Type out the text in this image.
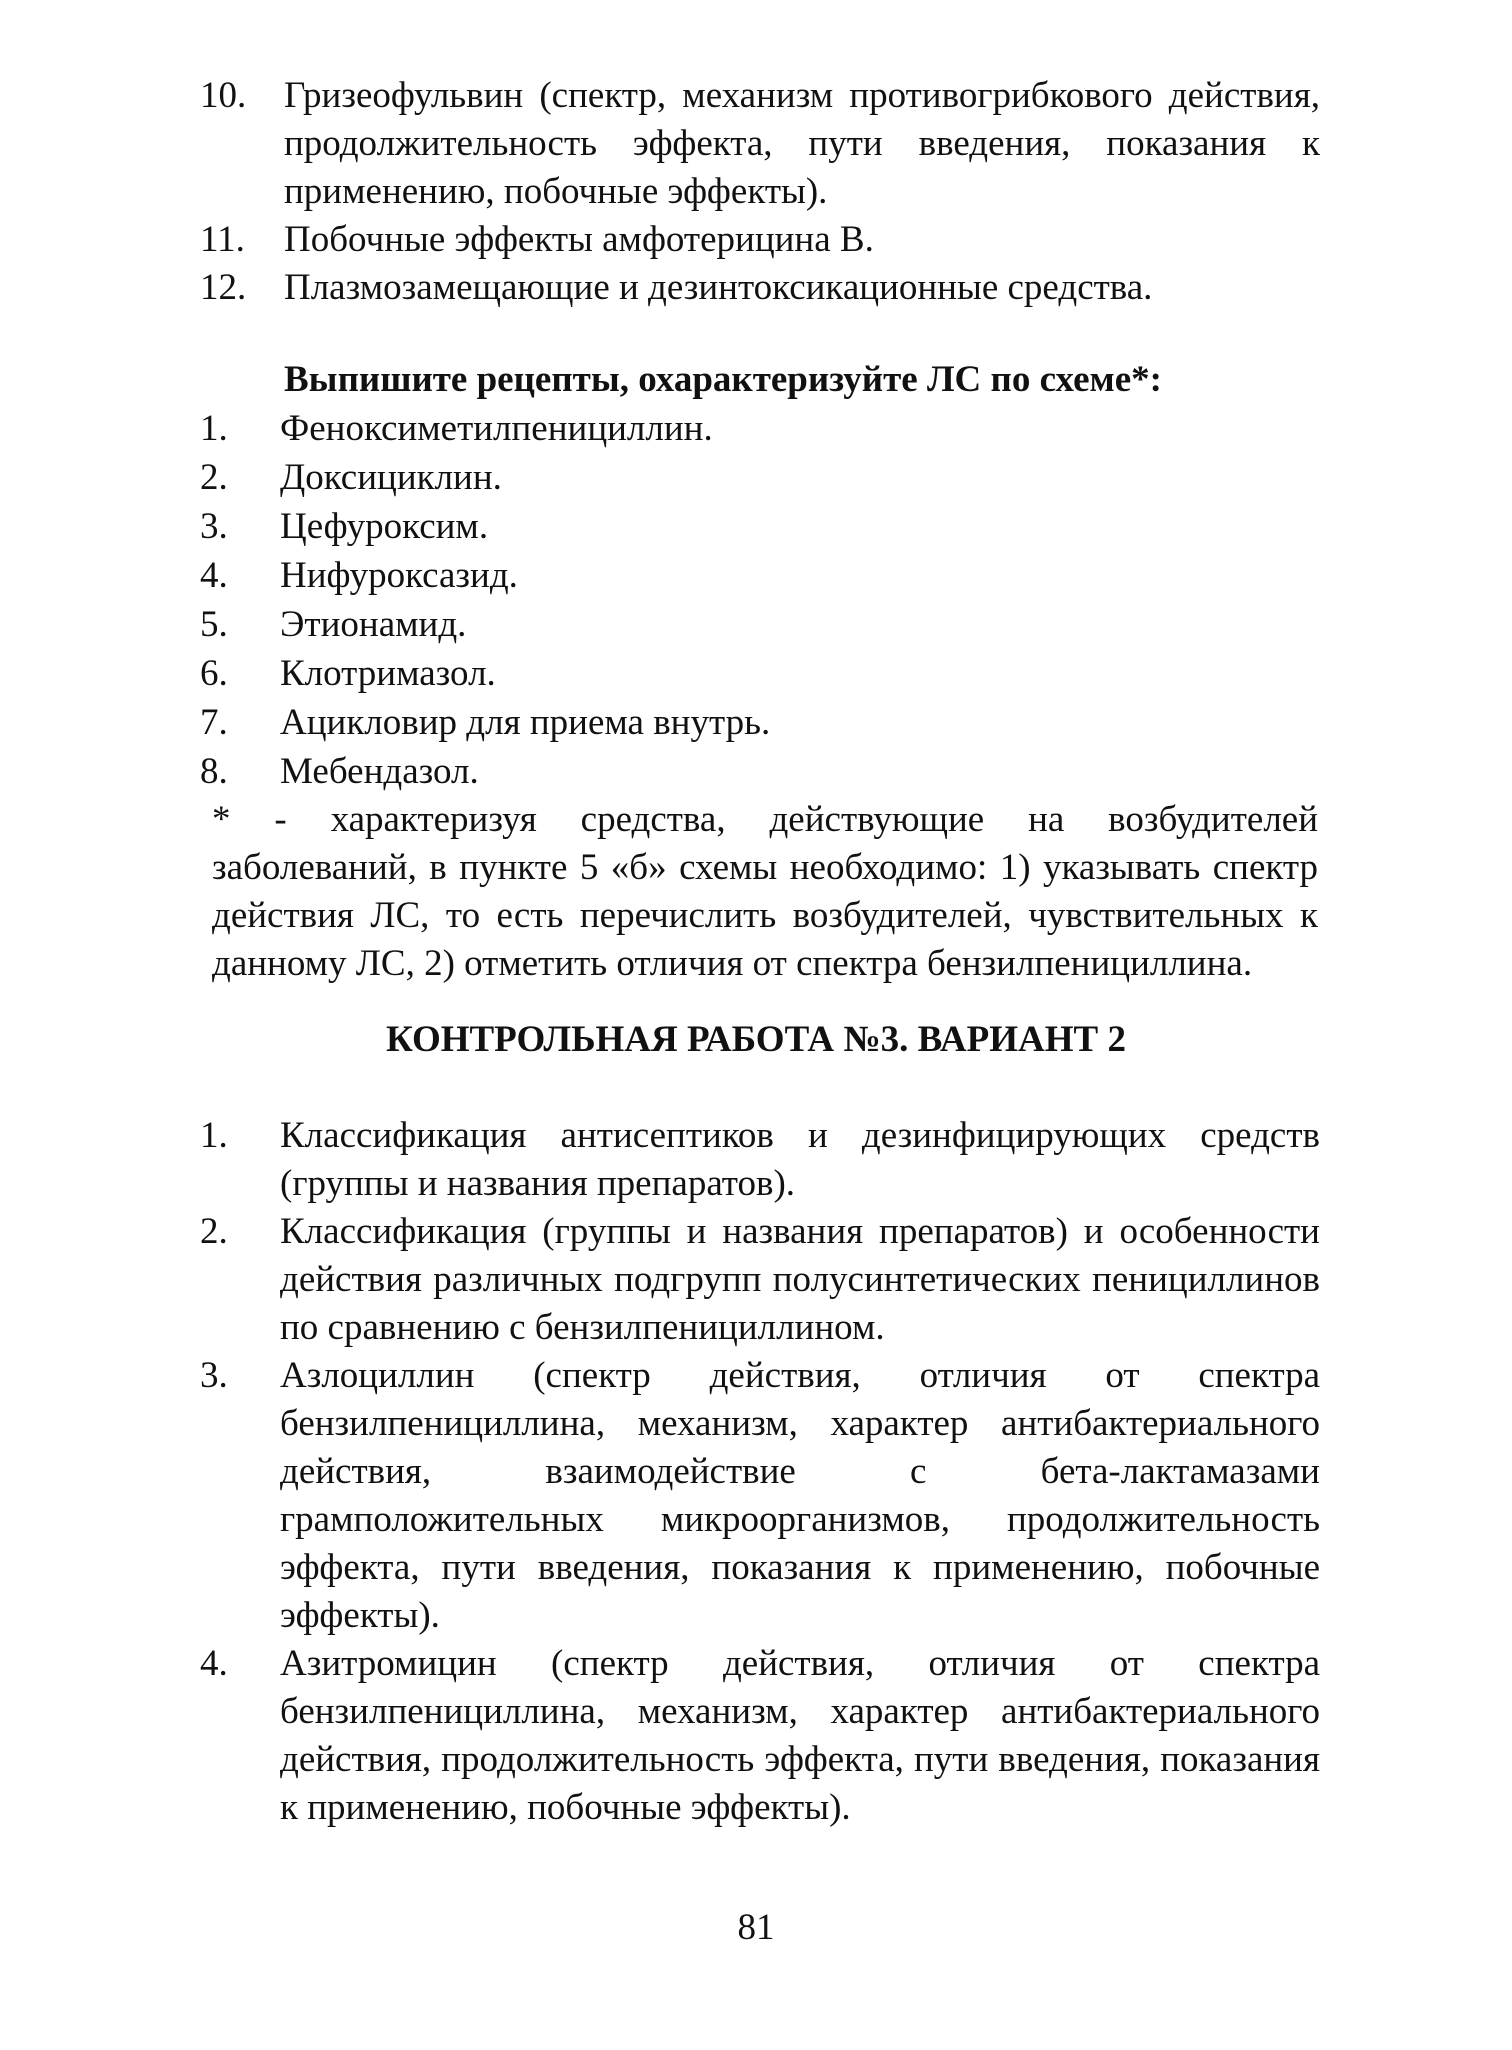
10.	Гризеофульвин (спектр, механизм противогрибкового действия, продолжительность эффекта, пути введения, показания к применению, побочные эффекты).
11.	Побочные эффекты амфотерицина В.
12.	Плазмозамещающие и дезинтоксикационные средства.
Выпишите рецепты, охарактеризуйте ЛС по схеме*:
1.	Феноксиметилпенициллин.
2.	Доксициклин.
3.	Цефуроксим.
4.	Нифуроксазид.
5.	Этионамид.
6.	Клотримазол.
7.	Ацикловир для приема внутрь.
8.	Мебендазол.
* - характеризуя средства, действующие на возбудителей заболеваний, в пункте 5 «б» схемы необходимо: 1) указывать спектр действия ЛС, то есть перечислить возбудителей, чувствительных к данному ЛС, 2) отметить отличия от спектра бензилпенициллина.
КОНТРОЛЬНАЯ РАБОТА №3. ВАРИАНТ 2
1.	Классификация антисептиков и дезинфицирующих средств (группы и названия препаратов).
2.	Классификация (группы и названия препаратов) и особенности действия различных подгрупп полусинтетических пенициллинов по сравнению с бензилпенициллином.
3.	Азлоциллин (спектр действия, отличия от спектра бензилпенициллина, механизм, характер антибактериального действия, взаимодействие с бета-лактамазами грамположительных микроорганизмов, продолжительность эффекта, пути введения, показания к применению, побочные эффекты).
4.	Азитромицин (спектр действия, отличия от спектра бензилпенициллина, механизм, характер антибактериального действия, продолжительность эффекта, пути введения, показания к применению, побочные эффекты).
81
